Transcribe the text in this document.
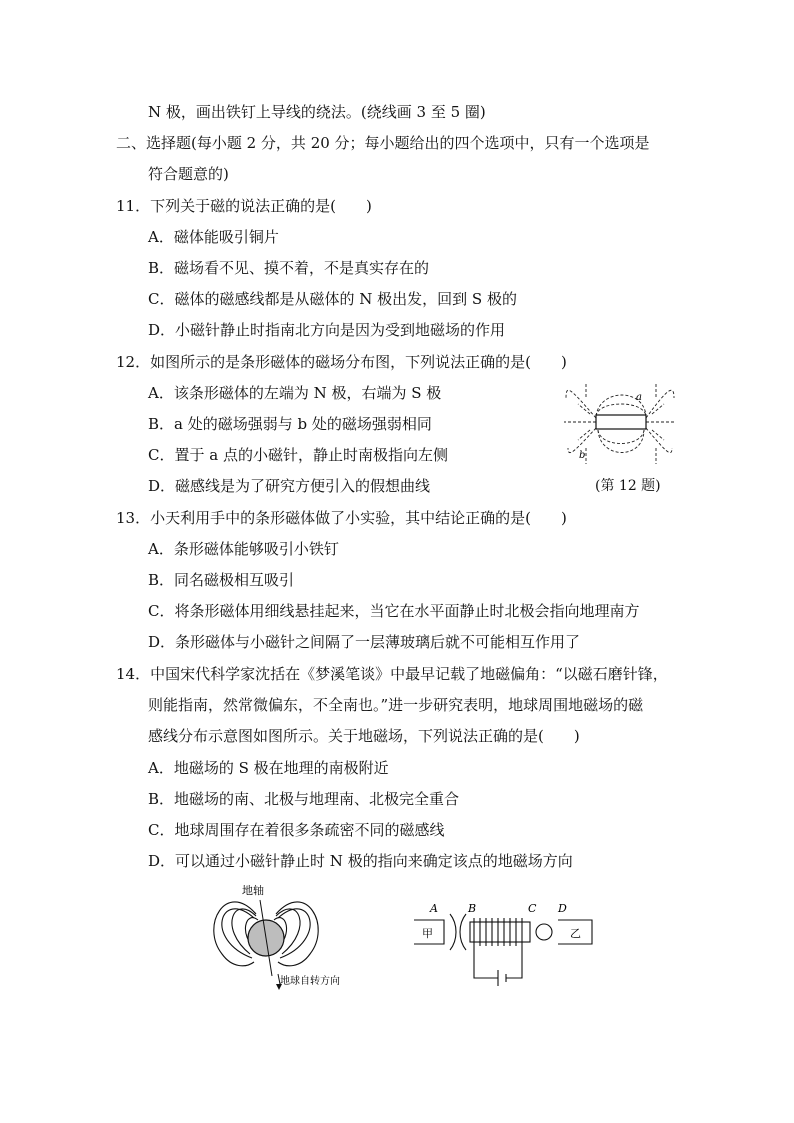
N 极，画出铁钉上导线的绕法。(绕线画 3 至 5 圈)
二、选择题(每小题 2 分，共 20 分；每小题给出的四个选项中，只有一个选项是
符合题意的)
11．下列关于磁的说法正确的是(　　)
A．磁体能吸引铜片
B．磁场看不见、摸不着，不是真实存在的
C．磁体的磁感线都是从磁体的 N 极出发，回到 S 极的
D．小磁针静止时指南北方向是因为受到地磁场的作用
12．如图所示的是条形磁体的磁场分布图，下列说法正确的是(　　)
A．该条形磁体的左端为 N 极，右端为 S 极
B．a 处的磁场强弱与 b 处的磁场强弱相同
C．置于 a 点的小磁针，静止时南极指向左侧
D．磁感线是为了研究方便引入的假想曲线
a
b
(第 12 题)
13．小天利用手中的条形磁体做了小实验，其中结论正确的是(　　)
A．条形磁体能够吸引小铁钉
B．同名磁极相互吸引
C．将条形磁体用细线悬挂起来，当它在水平面静止时北极会指向地理南方
D．条形磁体与小磁针之间隔了一层薄玻璃后就不可能相互作用了
14．中国宋代科学家沈括在《梦溪笔谈》中最早记载了地磁偏角：“以磁石磨针锋，
则能指南，然常微偏东，不全南也。”进一步研究表明，地球周围地磁场的磁
感线分布示意图如图所示。关于地磁场，下列说法正确的是(　　)
A．地磁场的 S 极在地理的南极附近
B．地磁场的南、北极与地理南、北极完全重合
C．地球周围存在着很多条疏密不同的磁感线
D．可以通过小磁针静止时 N 极的指向来确定该点的地磁场方向
地轴
地球自转方向
A	B	C D
甲	乙
